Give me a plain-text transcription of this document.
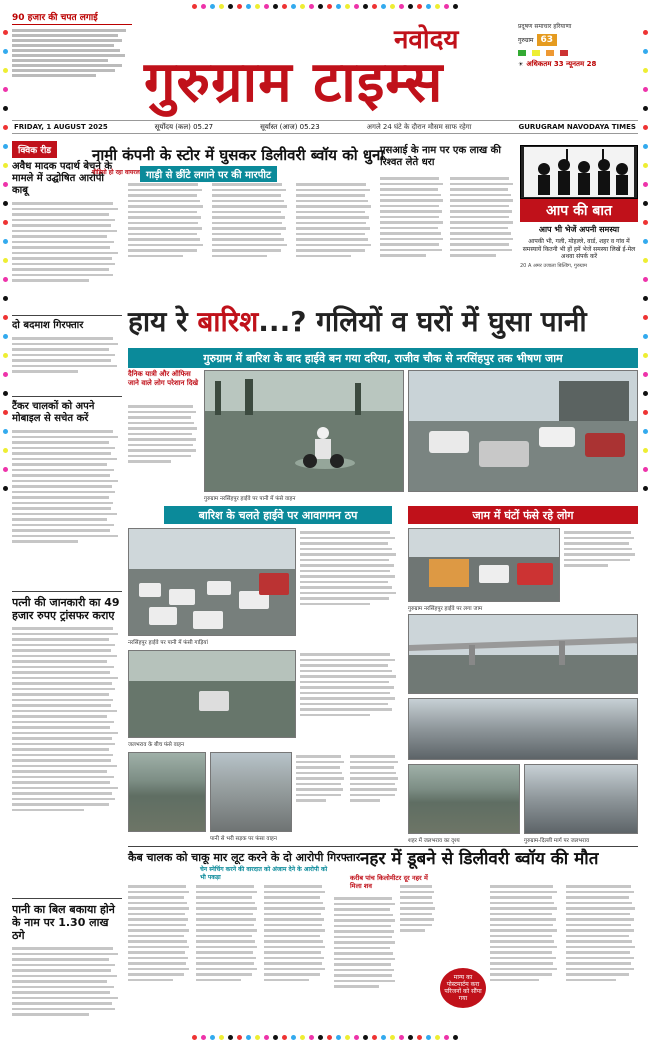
90 हजार की चपत लगाई
नवोदय
गुरुग्राम टाइम्स
प्रदूषण समाचार हरियाणा
गुरुग्राम 63
☀ अधिकतम 33 न्यूनतम 28
FRIDAY, 1 AUGUST 2025	सूर्योदय (कल) 05.27	सूर्यास्त (आज) 05.23	अगले 24 घंटे के दौरान मौसम साफ रहेगा	GURUGRAM NAVODAYA TIMES
क्विक रीड
अवैध मादक पदार्थ बेचने के मामले में उद्घोषित आरोपी काबू
दो बदमाश गिरफ्तार
टैंकर चालकों को अपने मोबाइल से सचेत करें
पत्नी की जानकारी का 49 हजार रुपए ट्रांसफर कराए
पानी का बिल बकाया होने के नाम पर 1.30 लाख ठगे
नामी कंपनी के स्टोर में घुसकर डिलीवरी ब्वॉय को धुना
गाड़ी से छींटे लगाने पर की मारपीट
वीडियो हो रहा वायरल
एसआई के नाम पर एक लाख की रिश्वत लेते धरा
आप की बात
आप भी भेजें अपनी समस्या
आपकी भी, गली, मोहल्ले, वार्ड, शहर व गांव में समस्यायें कितनी भी हों हमें भेजें समस्या लिखें ई-मेल अथवा संपर्क करें
20 A अमर उजाला बिल्डिंग, गुरुग्राम
हाय रे बारिश...? गलियों व घरों में घुसा पानी
गुरुग्राम में बारिश के बाद हाईवे बन गया दरिया, राजीव चौक से नरसिंहपुर तक भीषण जाम
दैनिक यात्री और ऑफिस जाने वाले लोग परेशान दिखे
गुरुग्राम नरसिंहपुर हाईवे पर पानी में फंसे वाहन
बारिश के चलते हाईवे पर आवागमन ठप	जाम में घंटों फंसे रहे लोग
नरसिंहपुर हाईवे पर पानी में फंसी गाड़ियां
गुरुग्राम नरसिंहपुर हाईवे पर लगा जाम
जलभराव के बीच फंसे वाहन
पानी से भरी सड़क पर फंसा वाहन	शहर में जलभराव का दृश्य	गुरुग्राम-दिल्ली मार्ग पर जलभराव
कैब चालक को चाकू मार लूट करने के दो आरोपी गिरफ्तार
चेन स्नेचिंग करने की वारदात को अंजाम देने के आरोपी को भी पकड़ा
नहर में डूबने से डिलीवरी ब्वॉय की मौत
करीब पांच किलोमीटर दूर नहर में मिला शव
मान्य का पोस्टमार्टम करा परिजनों को सौंपा गया
